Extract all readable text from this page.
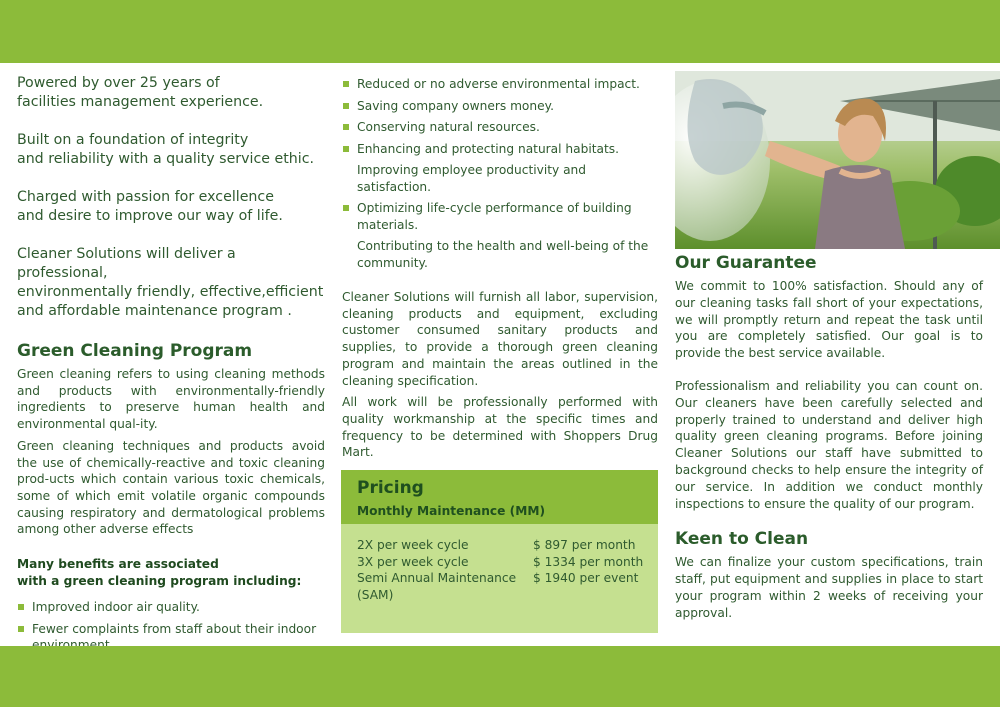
Powered by over 25 years of
facilities management experience.

Built on a foundation of integrity
and reliability with a quality service ethic.

Charged with passion for excellence
and desire to improve our way of life.

Cleaner Solutions will deliver a professional,
environmentally friendly, effective,efficient
and affordable maintenance program .

Green Cleaning Program

Green cleaning refers to using cleaning methods and products with environmentally-friendly ingredients to preserve human health and environmental qual-ity.

Green cleaning techniques and products avoid the use of chemically-reactive and toxic cleaning prod-ucts which contain various toxic chemicals, some of which emit volatile organic compounds causing respiratory and dermatological problems among other adverse effects

Many benefits are associated
with a green cleaning program including:
Improved indoor air quality.
Fewer complaints from staff about their indoor
Reduced or no adverse environmental impact.
Saving company owners money.
Conserving natural resources.
Enhancing and protecting natural habitats.
Improving employee productivity and satisfaction.
Optimizing life-cycle performance of building materials.
Contributing to the health and well-being of the community.

Cleaner Solutions will furnish all labor, supervision, cleaning products and equipment, excluding customer consumed sanitary products and supplies, to provide a thorough green cleaning program and maintain the areas outlined in the cleaning specification.

All work will be professionally performed with quality workmanship at the specific times and frequency to be determined with Shoppers Drug Mart.

Pricing
Monthly Maintenance (MM)
2X per week cycle	$ 897 per month
3X per week cycle	$ 1334 per month
Semi Annual Maintenance (SAM)
$ 1940 per event
Our Guarantee

We commit to 100% satisfaction. Should any of our cleaning tasks fall short of your expectations, we will promptly return and repeat the task until you are completely satisfied. Our goal is to provide the best service available.

Professionalism and reliability you can count on. Our cleaners have been carefully selected and properly trained to understand and deliver high quality green cleaning programs. Before joining Cleaner Solutions our staff have submitted to background checks to help ensure the integrity of our service. In addition we conduct monthly inspections to ensure the quality of our program.

Keen to Clean

We can finalize your custom specifications, train staff, put equipment and supplies in place to start your program within 2 weeks of receiving your approval.
